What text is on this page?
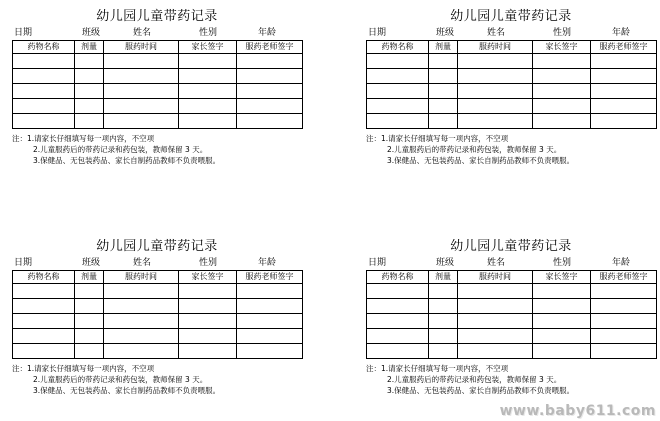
幼儿园儿童带药记录
日期	班级	姓名	性别	年龄
药物名称	剂量	服药时间	家长签字	服药老师签字

注：1.请家长仔细填写每一项内容，不空项
2.儿童服药后的带药记录和药包装，教师保留 3 天。
3.保健品、无包装药品、家长自制药品教师不负责喂服。
幼儿园儿童带药记录
日期	班级	姓名	性别	年龄
药物名称	剂量	服药时间	家长签字	服药老师签字

注：1.请家长仔细填写每一项内容，不空项
2.儿童服药后的带药记录和药包装，教师保留 3 天。
3.保健品、无包装药品、家长自制药品教师不负责喂服。
幼儿园儿童带药记录
日期	班级	姓名	性别	年龄
药物名称	剂量	服药时间	家长签字	服药老师签字

注：1.请家长仔细填写每一项内容，不空项
2.儿童服药后的带药记录和药包装，教师保留 3 天。
3.保健品、无包装药品、家长自制药品教师不负责喂服。
幼儿园儿童带药记录
日期	班级	姓名	性别	年龄
药物名称	剂量	服药时间	家长签字	服药老师签字

注：1.请家长仔细填写每一项内容，不空项
2.儿童服药后的带药记录和药包装，教师保留 3 天。
3.保健品、无包装药品、家长自制药品教师不负责喂服。
www.baby611.com
